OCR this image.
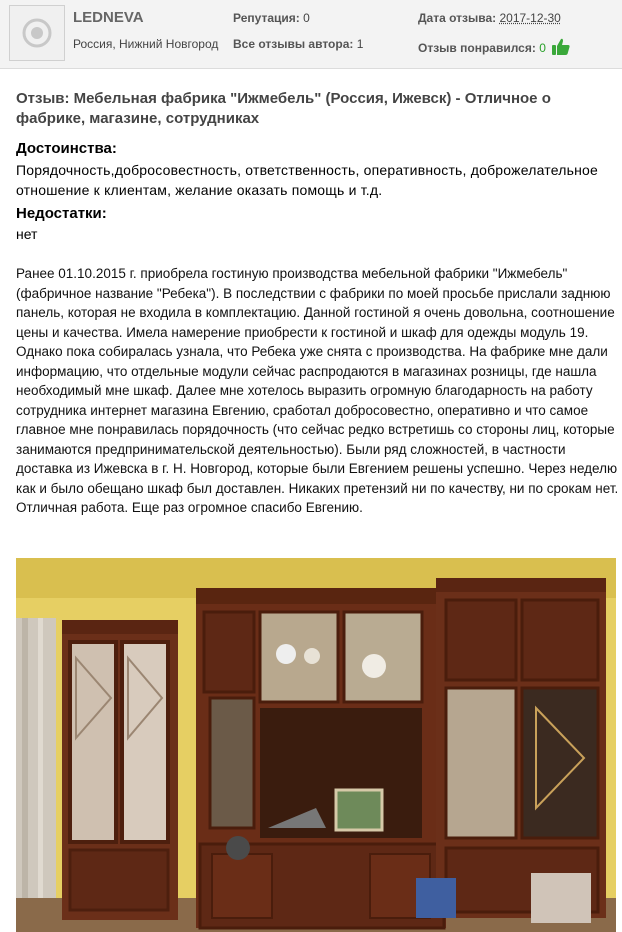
LEDNEVA
Россия, Нижний Новгород
Репутация: 0
Все отзывы автора: 1
Дата отзыва: 2017-12-30
Отзыв понравился: 0
Отзыв: Мебельная фабрика "Ижмебель" (Россия, Ижевск) - Отличное о фабрике, магазине, сотрудниках
Достоинства:
Порядочность,добросовестность, ответственность, оперативность, доброжелательное отношение к клиентам, желание оказать помощь и т.д.
Недостатки:
нет
Ранее 01.10.2015 г. приобрела гостиную производства мебельной фабрики "Ижмебель" (фабричное название "Ребека"). В последствии с фабрики по моей просьбе прислали заднюю панель, которая не входила в комплектацию. Данной гостиной я очень довольна, соотношение цены и качества. Имела намерение приобрести к гостиной и шкаф для одежды модуль 19. Однако пока собиралась узнала, что Ребека уже снята с производства. На фабрике мне дали информацию, что отдельные модули сейчас распродаются в магазинах розницы, где нашла необходимый мне шкаф. Далее мне хотелось выразить огромную благодарность на работу сотрудника интернет магазина Евгению, сработал добросовестно, оперативно и что самое главное мне понравилась порядочность (что сейчас редко встретишь со стороны лиц, которые занимаются предпринимательской деятельностью). Были ряд сложностей, в частности доставка из Ижевска в г. Н. Новгород, которые были Евгением решены успешно. Через неделю как и было обещано шкаф был доставлен. Никаких претензий ни по качеству, ни по срокам нет. Отличная работа. Еще раз огромное спасибо Евгению.
